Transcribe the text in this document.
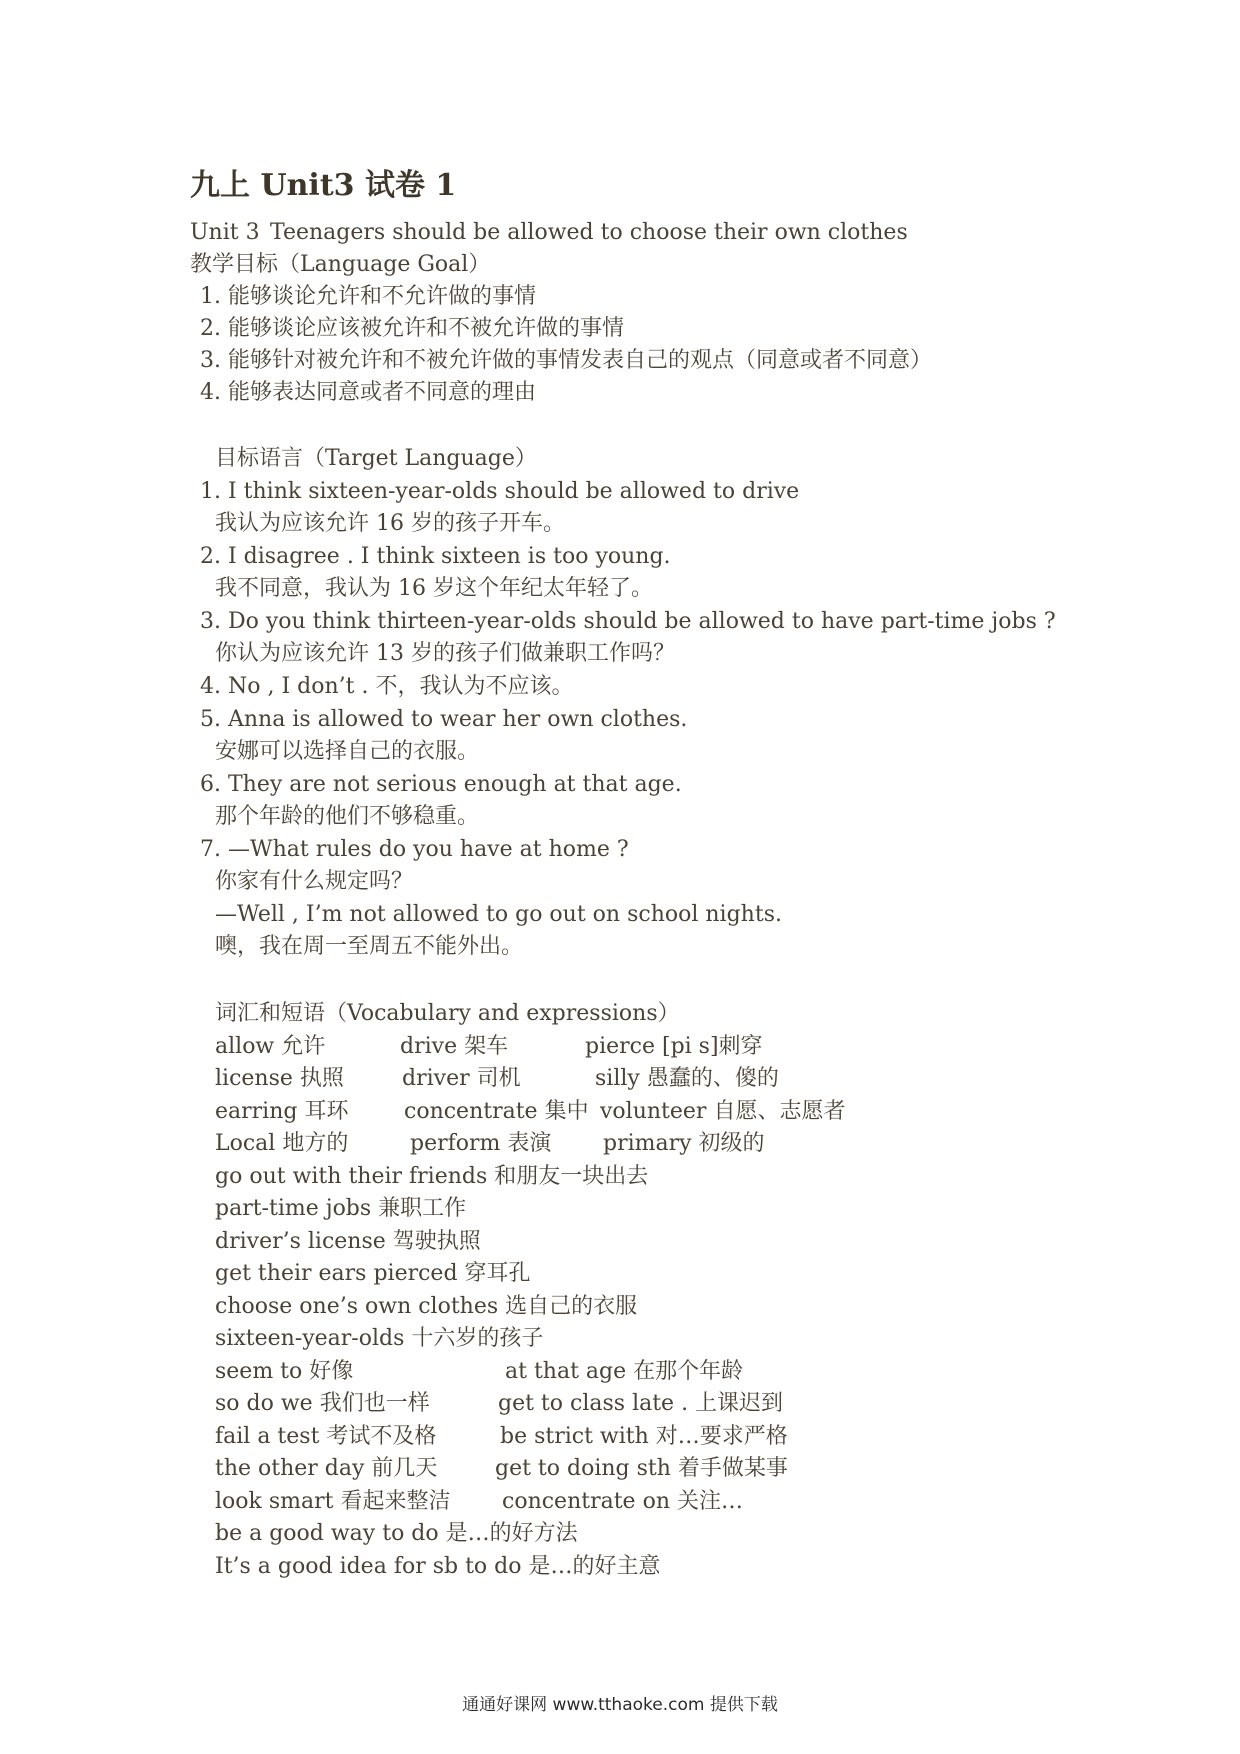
九上 Unit3 试卷 1
Unit 3 Teenagers should be allowed to choose their own clothes
教学目标（Language Goal）
1. 能够谈论允许和不允许做的事情
2. 能够谈论应该被允许和不被允许做的事情
3. 能够针对被允许和不被允许做的事情发表自己的观点（同意或者不同意）
4. 能够表达同意或者不同意的理由
目标语言（Target Language）
1. I think sixteen-year-olds should be allowed to drive
我认为应该允许 16 岁的孩子开车。
2. I disagree . I think sixteen is too young.
我不同意，我认为 16 岁这个年纪太年轻了。
3. Do you think thirteen-year-olds should be allowed to have part-time jobs ?
你认为应该允许 13 岁的孩子们做兼职工作吗？
4. No , I don’t . 不，我认为不应该。
5. Anna is allowed to wear her own clothes.
安娜可以选择自己的衣服。
6. They are not serious enough at that age.
那个年龄的他们不够稳重。
7. —What rules do you have at home ?
你家有什么规定吗？
—Well , I’m not allowed to go out on school nights.
噢，我在周一至周五不能外出。
词汇和短语（Vocabulary and expressions）
allow 允许	drive 架车	pierce [pi s]刺穿
license 执照	driver 司机	silly 愚蠢的、傻的
earring 耳环	concentrate 集中 volunteer 自愿、志愿者
Local 地方的	perform 表演 primary 初级的
go out with their friends 和朋友一块出去
part-time jobs 兼职工作
driver’s license 驾驶执照
get their ears pierced 穿耳孔
choose one’s own clothes 选自己的衣服
sixteen-year-olds 十六岁的孩子
seem to 好像	at that age 在那个年龄
so do we 我们也一样	get to class late . 上课迟到
fail a test 考试不及格	be strict with 对…要求严格
the other day 前几天	get to doing sth 着手做某事
look smart 看起来整洁 concentrate on 关注…
be a good way to do 是…的好方法
It’s a good idea for sb to do 是…的好主意
通通好课网 www.tthaoke.com 提供下载
